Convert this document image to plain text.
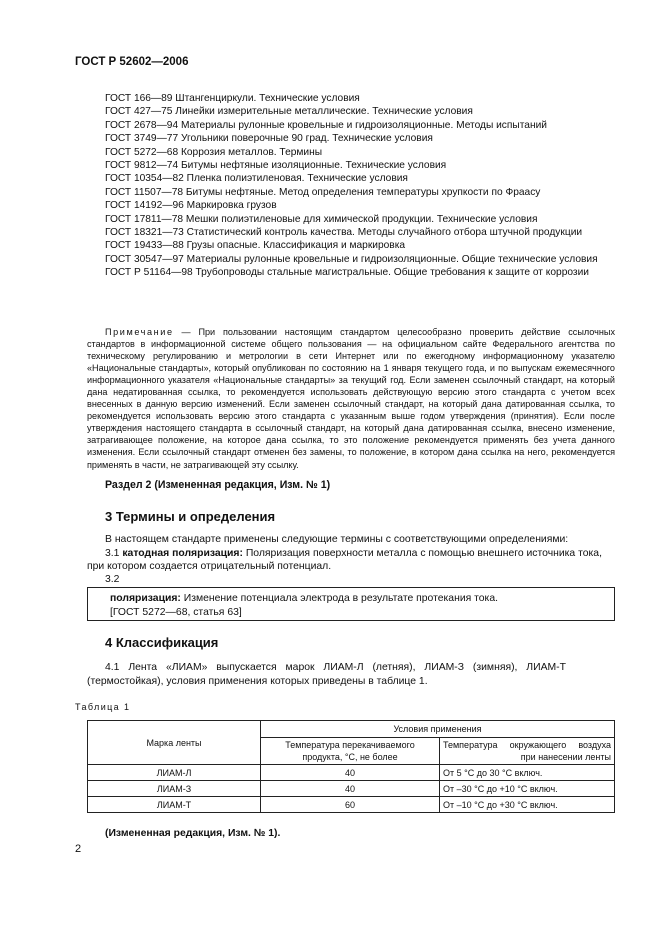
ГОСТ Р 52602—2006
ГОСТ 166—89 Штангенциркули. Технические условия
ГОСТ 427—75 Линейки измерительные металлические. Технические условия
ГОСТ 2678—94 Материалы рулонные кровельные и гидроизоляционные. Методы испытаний
ГОСТ 3749—77 Угольники поверочные 90 град. Технические условия
ГОСТ 5272—68 Коррозия металлов. Термины
ГОСТ 9812—74 Битумы нефтяные изоляционные. Технические условия
ГОСТ 10354—82 Пленка полиэтиленовая. Технические условия
ГОСТ 11507—78 Битумы нефтяные. Метод определения температуры хрупкости по Фраасу
ГОСТ 14192—96 Маркировка грузов
ГОСТ 17811—78 Мешки полиэтиленовые для химической продукции. Технические условия
ГОСТ 18321—73 Статистический контроль качества. Методы случайного отбора штучной продукции
ГОСТ 19433—88 Грузы опасные. Классификация и маркировка
ГОСТ 30547—97 Материалы рулонные кровельные и гидроизоляционные. Общие технические условия
ГОСТ Р 51164—98 Трубопроводы стальные магистральные. Общие требования к защите от коррозии
Примечание — При пользовании настоящим стандартом целесообразно проверить действие ссылочных стандартов в информационной системе общего пользования — на официальном сайте Федерального агентства по техническому регулированию и метрологии в сети Интернет или по ежегодному информационному указателю «Национальные стандарты», который опубликован по состоянию на 1 января текущего года, и по выпускам ежемесячного информационного указателя «Национальные стандарты» за текущий год. Если заменен ссылочный стандарт, на который дана недатированная ссылка, то рекомендуется использовать действующую версию этого стандарта с учетом всех внесенных в данную версию изменений. Если заменен ссылочный стандарт, на который дана датированная ссылка, то рекомендуется использовать версию этого стандарта с указанным выше годом утверждения (принятия). Если после утверждения настоящего стандарта в ссылочный стандарт, на который дана датированная ссылка, внесено изменение, затрагивающее положение, на которое дана ссылка, то это положение рекомендуется применять без учета данного изменения. Если ссылочный стандарт отменен без замены, то положение, в котором дана ссылка на него, рекомендуется применять в части, не затрагивающей эту ссылку.
Раздел 2 (Измененная редакция, Изм. № 1)
3 Термины и определения
В настоящем стандарте применены следующие термины с соответствующими определениями:
3.1 катодная поляризация: Поляризация поверхности металла с помощью внешнего источника тока, при котором создается отрицательный потенциал.
3.2
поляризация: Изменение потенциала электрода в результате протекания тока.
[ГОСТ 5272—68, статья 63]
4 Классификация
4.1 Лента «ЛИАМ» выпускается марок ЛИАМ-Л (летняя), ЛИАМ-З (зимняя), ЛИАМ-Т
(термостойкая), условия применения которых приведены в таблице 1.
Таблица 1
Марка ленты	Условия применения	
	Температура перекачиваемого продукта, °С, не более	Температура окружающего воздуха
при нанесении ленты

ЛИАМ-Л	40	От 5 °С до 30 °С включ.
ЛИАМ-З	40	От –30 °С до +10 °С включ.
ЛИАМ-Т	60	От –10 °С до +30 °С включ.
(Измененная редакция, Изм. № 1).
2
